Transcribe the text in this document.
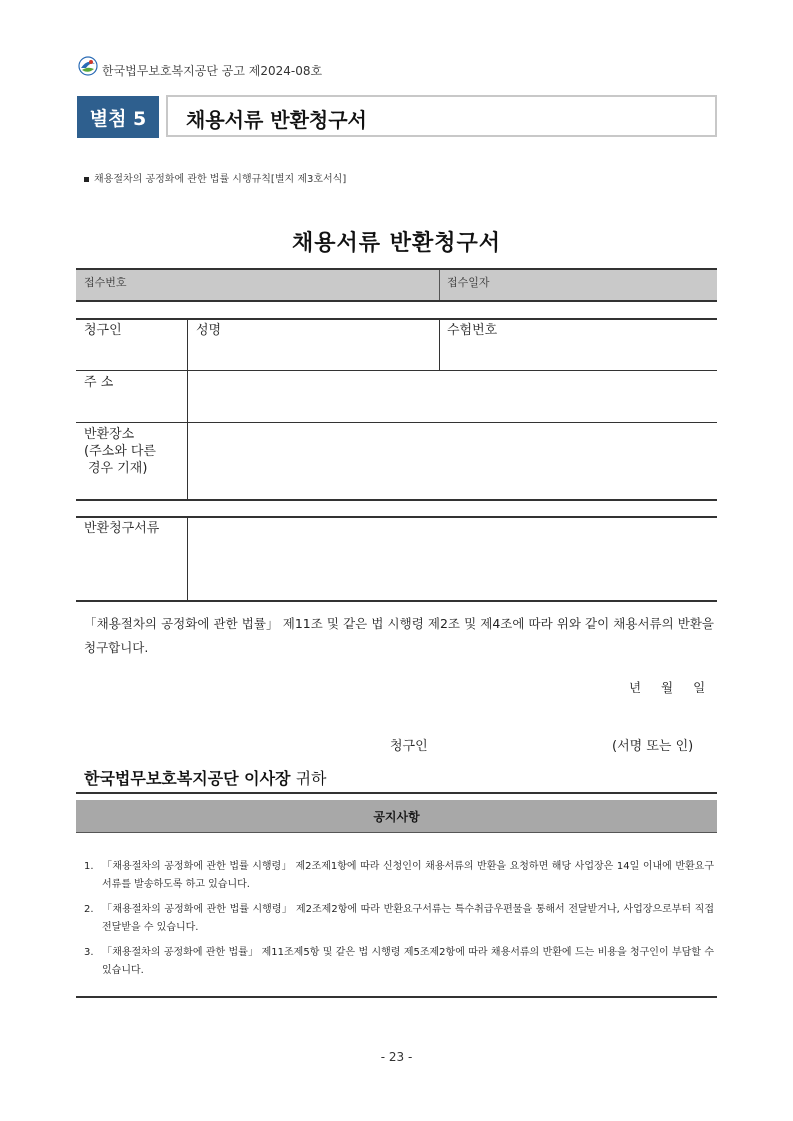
한국법무보호복지공단 공고 제2024-08호
별첨 5	채용서류 반환청구서
채용절차의 공정화에 관한 법률 시행규칙[별지 제3호서식]
채용서류 반환청구서
접수번호	접수일자
청구인	성명	수험번호
주 소
반환장소
(주소와 다른
경우 기재)
반환청구서류
「채용절차의 공정화에 관한 법률」 제11조 및 같은 법 시행령 제2조 및 제4조에 따라 위와 같이 채용서류의 반환을 청구합니다.
년 월 일
청구인	(서명 또는 인)
한국법무보호복지공단 이사장 귀하
공지사항
1. 「채용절차의 공정화에 관한 법률 시행령」 제2조제1항에 따라 신청인이 채용서류의 반환을 요청하면 해당 사업장은 14일 이내에 반환요구서류를 발송하도록 하고 있습니다.
2. 「채용절차의 공정화에 관한 법률 시행령」 제2조제2항에 따라 반환요구서류는 특수취급우편물을 통해서 전달받거나, 사업장으로부터 직접 전달받을 수 있습니다.
3. 「채용절차의 공정화에 관한 법률」 제11조제5항 및 같은 법 시행령 제5조제2항에 따라 채용서류의 반환에 드는 비용을 청구인이 부담할 수 있습니다.
- 23 -
